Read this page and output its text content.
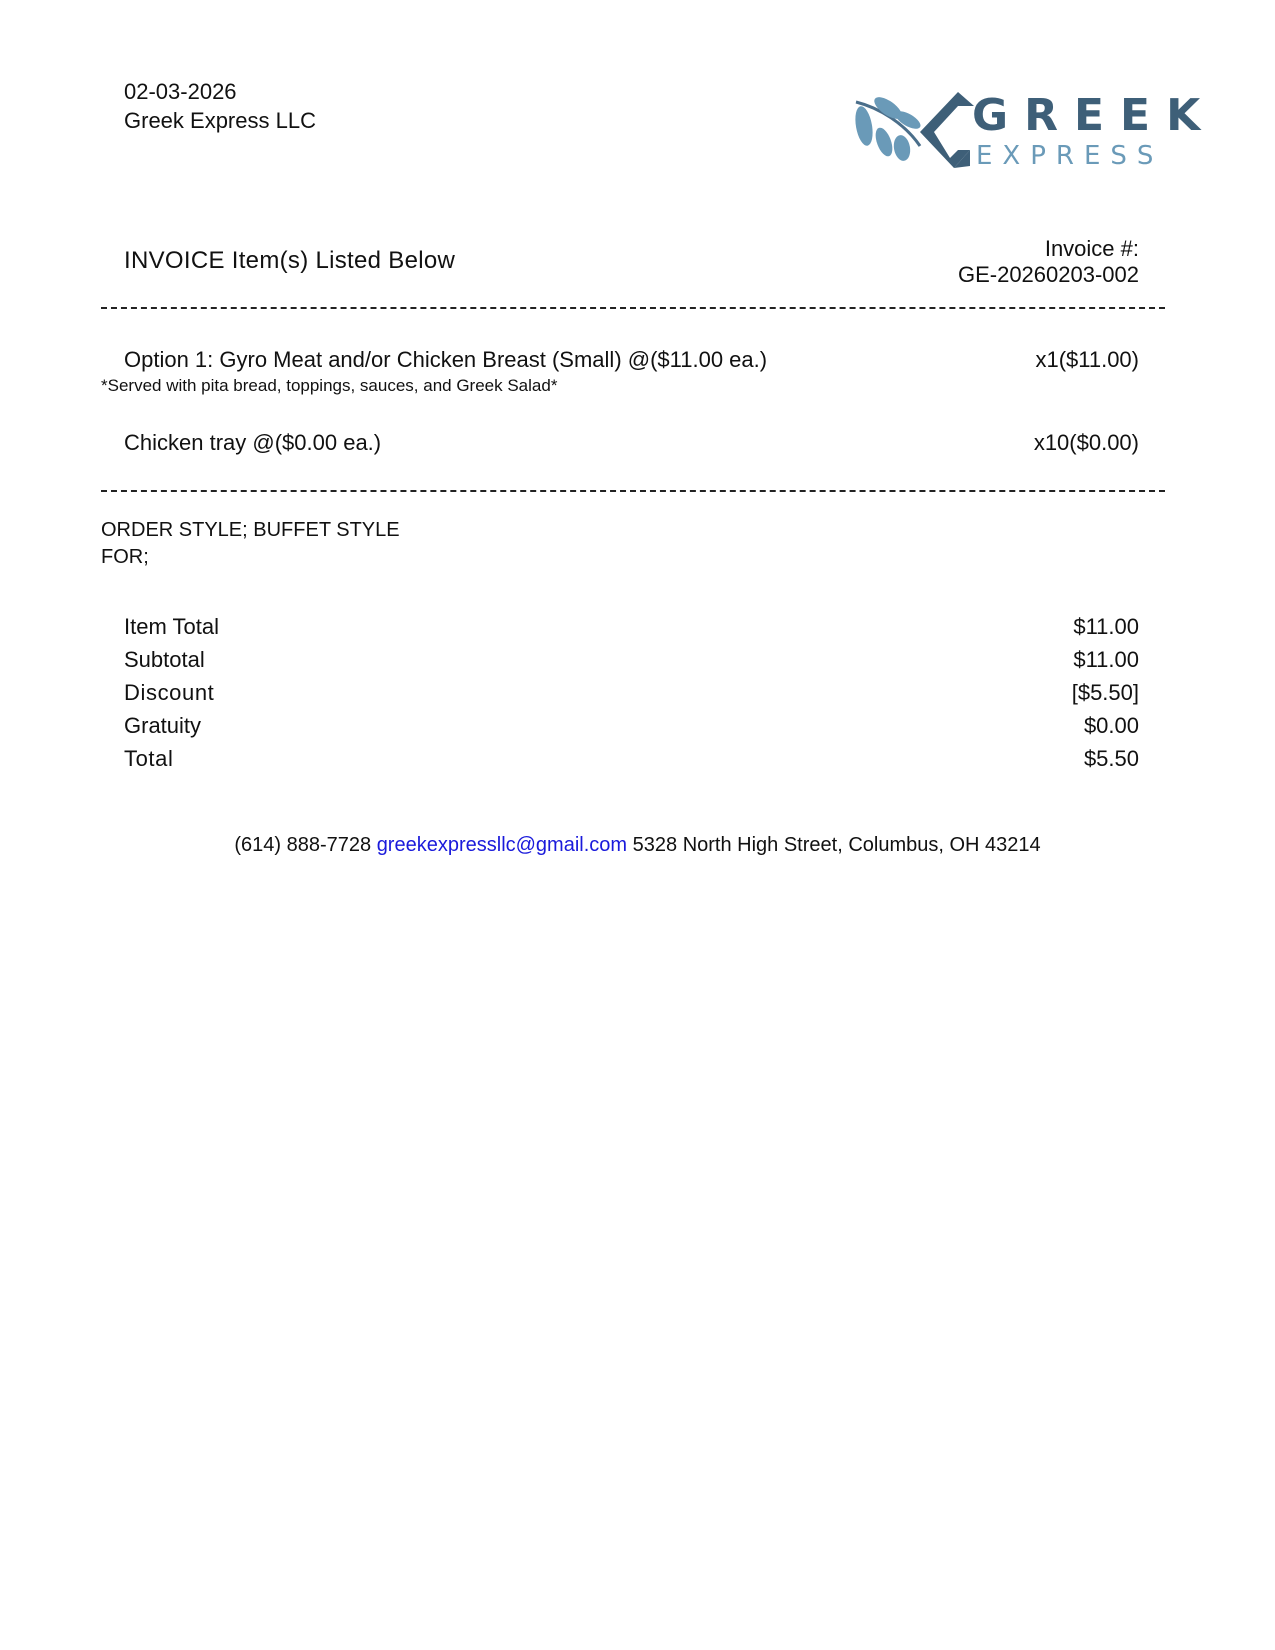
02-03-2026
Greek Express LLC	GREEK
EXPRESS
INVOICE Item(s) Listed Below	Invoice #:
GE-20260203-002
Option 1: Gyro Meat and/or Chicken Breast (Small) @($11.00 ea.)	x1($11.00)
*Served with pita bread, toppings, sauces, and Greek Salad*
Chicken tray @($0.00 ea.)	x10($0.00)
ORDER STYLE; BUFFET STYLE
FOR;
Item Total	$11.00
Subtotal	$11.00
Discount	[$5.50]
Gratuity	$0.00
Total	$5.50
(614) 888-7728 greekexpressllc@gmail.com 5328 North High Street, Columbus, OH 43214
